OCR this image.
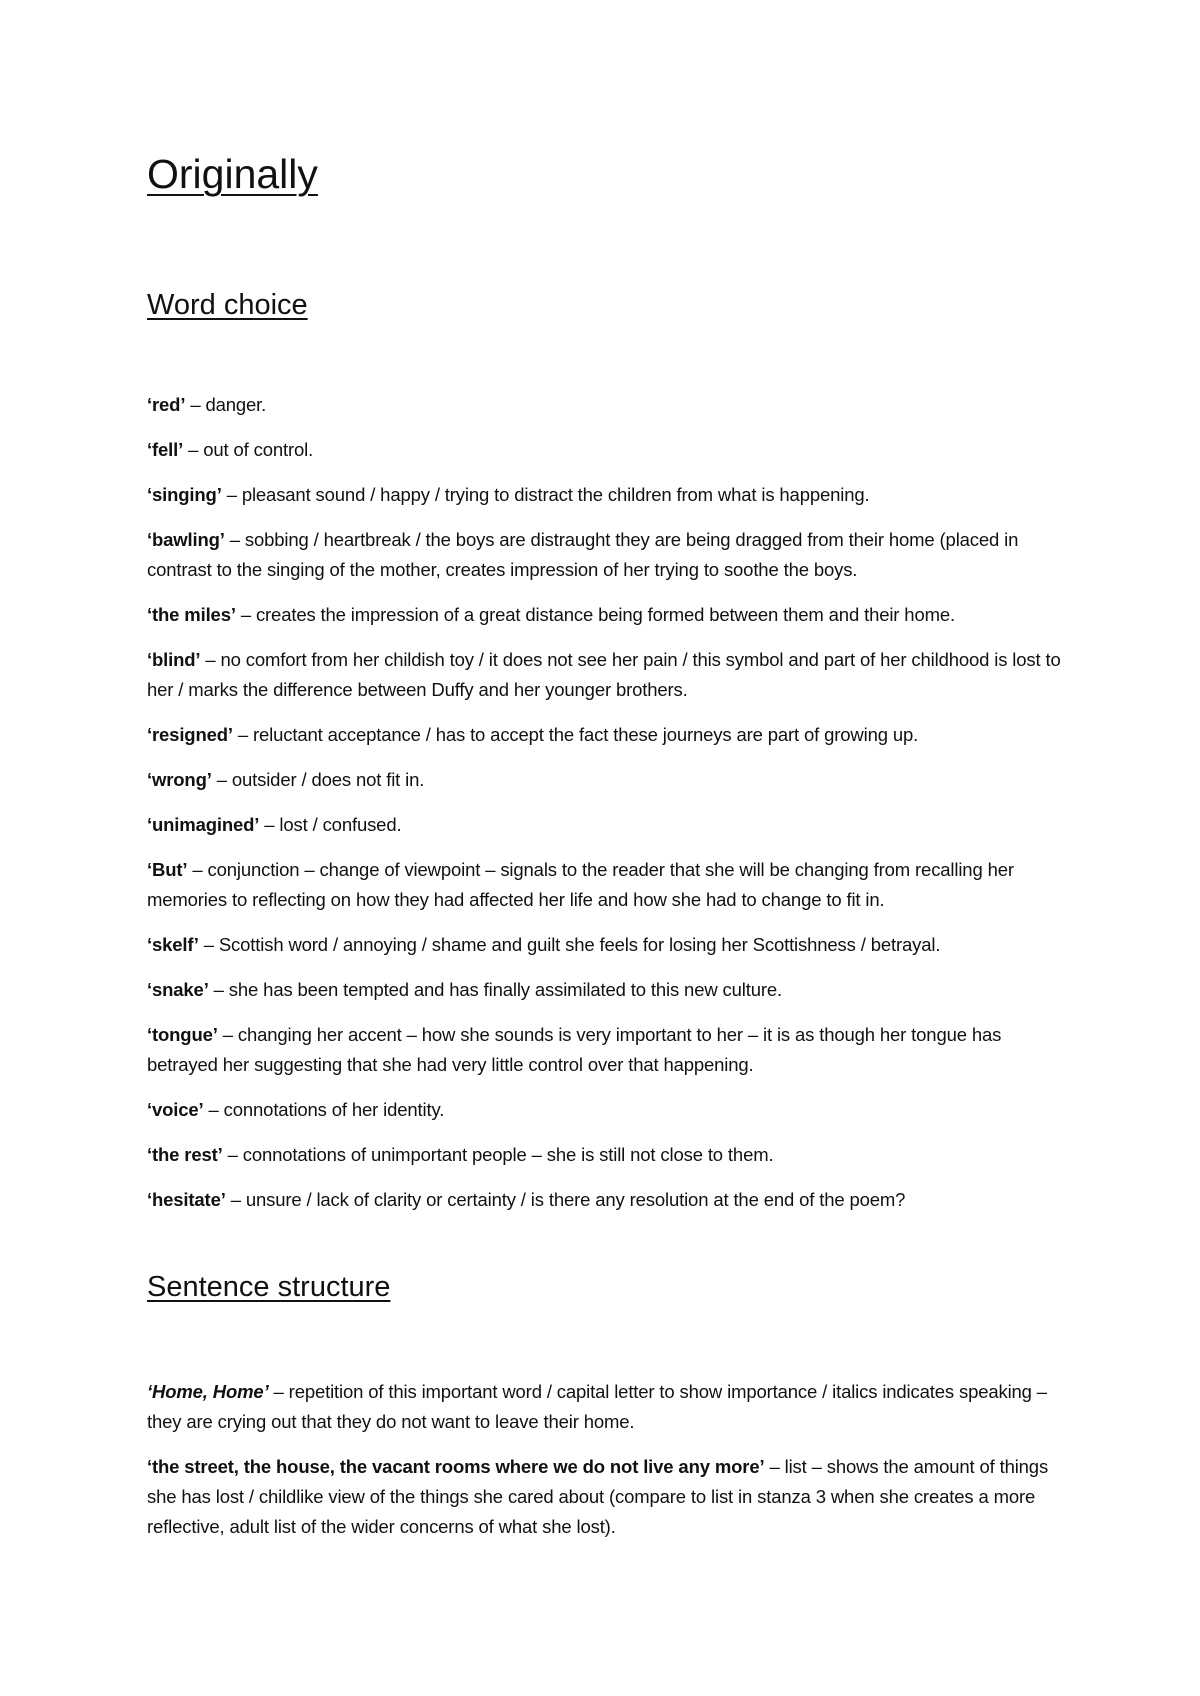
Originally
Word choice
‘red’ – danger.
‘fell’ – out of control.
‘singing’ – pleasant sound / happy / trying to distract the children from what is happening.
‘bawling’ – sobbing / heartbreak / the boys are distraught they are being dragged from their home (placed in contrast to the singing of the mother, creates impression of her trying to soothe the boys.
‘the miles’ – creates the impression of a great distance being formed between them and their home.
‘blind’ – no comfort from her childish toy / it does not see her pain / this symbol and part of her childhood is lost to her / marks the difference between Duffy and her younger brothers.
‘resigned’ – reluctant acceptance / has to accept the fact these journeys are part of growing up.
‘wrong’ – outsider / does not fit in.
‘unimagined’ – lost / confused.
‘But’ – conjunction – change of viewpoint – signals to the reader that she will be changing from recalling her memories to reflecting on how they had affected her life and how she had to change to fit in.
‘skelf’ – Scottish word / annoying / shame and guilt she feels for losing her Scottishness / betrayal.
‘snake’ – she has been tempted and has finally assimilated to this new culture.
‘tongue’ – changing her accent – how she sounds is very important to her – it is as though her tongue has betrayed her suggesting that she had very little control over that happening.
‘voice’ – connotations of her identity.
‘the rest’ – connotations of unimportant people – she is still not close to them.
‘hesitate’ – unsure / lack of clarity or certainty / is there any resolution at the end of the poem?
Sentence structure
‘Home, Home’ – repetition of this important word / capital letter to show importance / italics indicates speaking – they are crying out that they do not want to leave their home.
‘the street, the house, the vacant rooms where we do not live any more’ – list – shows the amount of things she has lost / childlike view of the things she cared about (compare to list in stanza 3 when she creates a more reflective, adult list of the wider concerns of what she lost).
